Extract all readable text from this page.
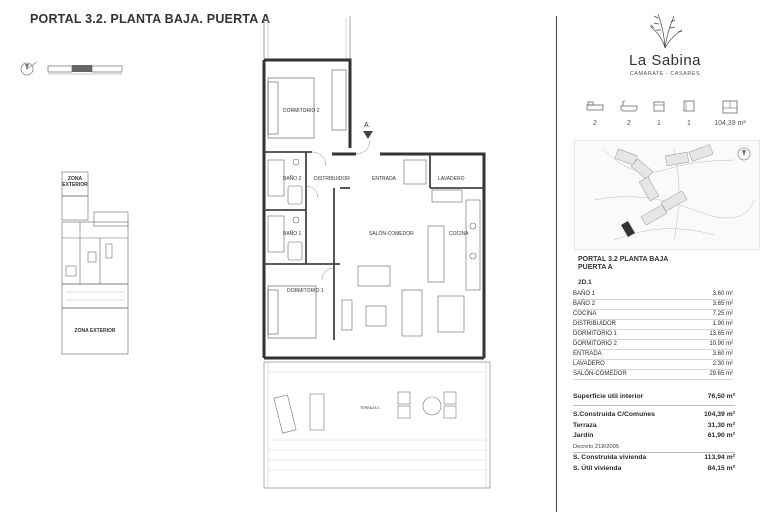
PORTAL 3.2. PLANTA BAJA. PUERTA A
ZONA EXTERIOR
ZONA EXTERIOR
DORMITORIO 2
A
BAÑO 2	DISTRIBUIDOR	ENTRADA	LAVADERO
BAÑO 1	SALÓN-COMEDOR	COCINA
DORMITORIO 1
TERRAZA 1
La Sabina
CAMARATE - CASARES
2	2	1	1	104,39 m²
PORTAL 3.2 PLANTA BAJA
PUERTA A
2D.1
BAÑO 1	3.60 m²
BAÑO 2	3.65 m²
COCINA	7.25 m²
DISTRIBUIDOR	1.90 m²
DORMITORIO 1	13.65 m²
DORMITORIO 2	10.90 m²
ENTRADA	3.60 m²
LAVADERO	2.30 m²
SALÓN-COMEDOR	29.65 m²
Superficie útil interior	76,50 m²
S.Construida C/Comunes	104,39 m²
Terraza	31,30 m²
Jardín	61,90 m²
Decreto 218/2005
S. Construida vivienda	113,94 m²
S. Útil vivienda	84,15 m²
